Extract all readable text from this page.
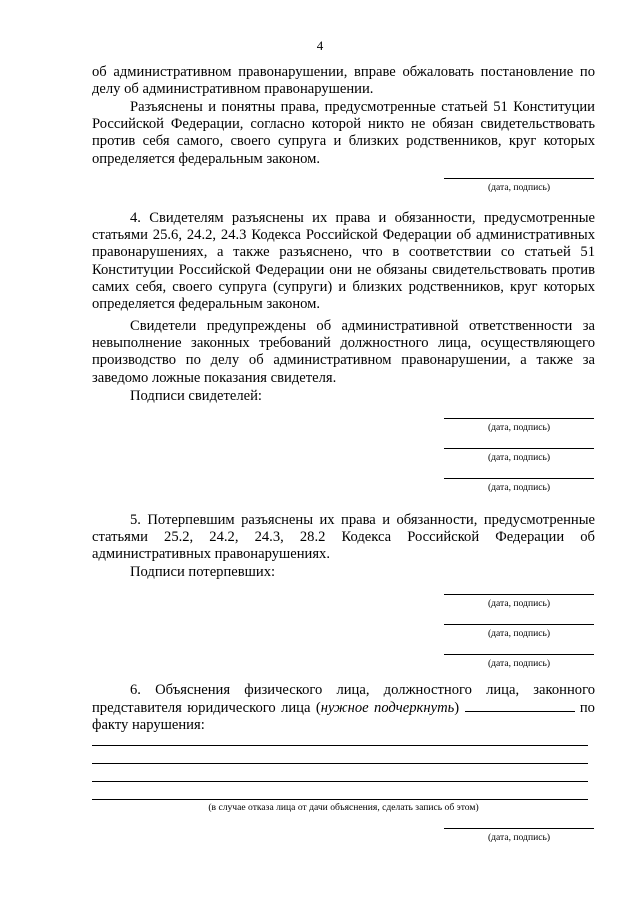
4

об административном правонарушении, вправе обжаловать постановление по делу об административном правонарушении.

Разъяснены и понятны права, предусмотренные статьей 51 Конституции Российской Федерации, согласно которой никто не обязан свидетельствовать против себя самого, своего супруга и близких родственников, круг которых определяется федеральным законом.

(дата, подпись)

4. Свидетелям разъяснены их права и обязанности, предусмотренные статьями 25.6, 24.2, 24.3 Кодекса Российской Федерации об административных правонарушениях, а также разъяснено, что в соответствии со статьей 51 Конституции Российской Федерации они не обязаны свидетельствовать против самих себя, своего супруга (супруги) и близких родственников, круг которых определяется федеральным законом.

Свидетели предупреждены об административной ответственности за невыполнение законных требований должностного лица, осуществляющего производство по делу об административном правонарушении, а также за заведомо ложные показания свидетеля.

Подписи свидетелей:

(дата, подпись)
(дата, подпись)
(дата, подпись)

5. Потерпевшим разъяснены их права и обязанности, предусмотренные статьями 25.2, 24.2, 24.3, 28.2 Кодекса Российской Федерации об административных правонарушениях.

Подписи потерпевших:

(дата, подпись)
(дата, подпись)
(дата, подпись)

6. Объяснения физического лица, должностного лица, законного представителя юридического лица (нужное подчеркнуть)	по факту нарушения:

(в случае отказа лица от дачи объяснения, сделать запись об этом)
(дата, подпись)
